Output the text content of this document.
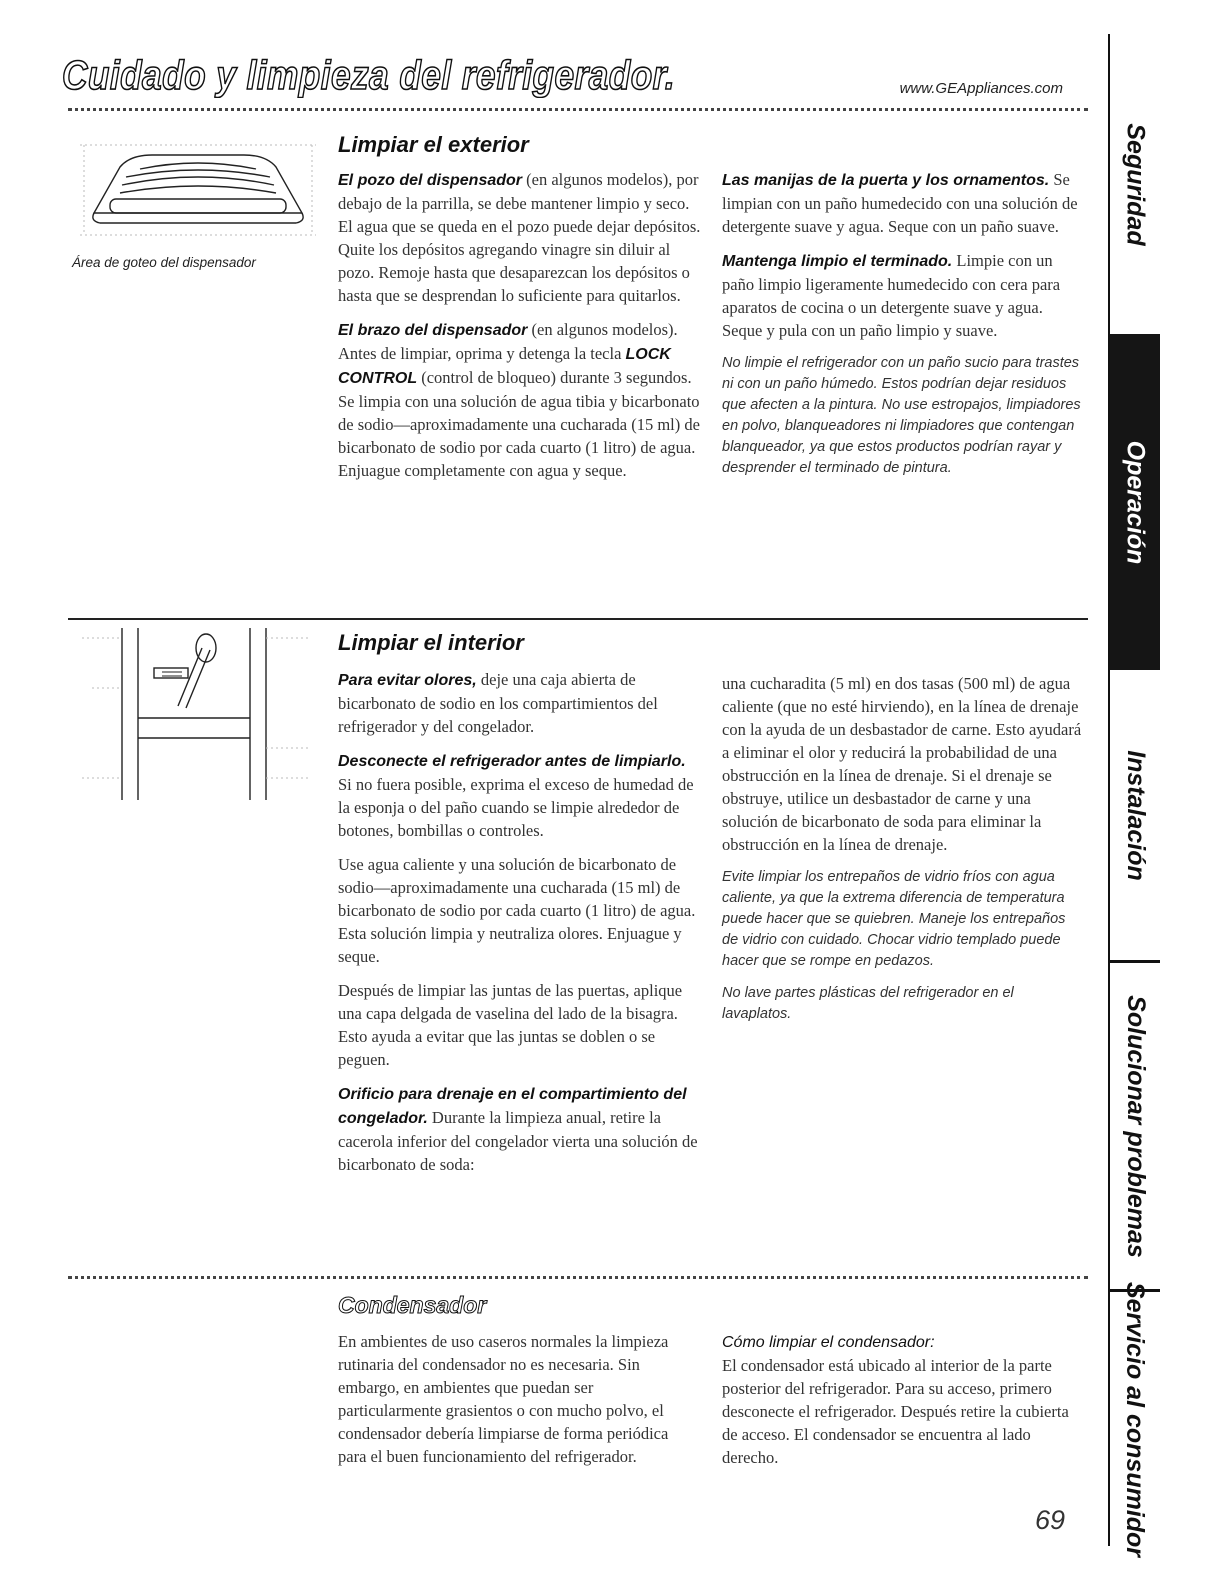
Cuidado y limpieza del refrigerador.	www.GEAppliances.com

Área de goteo del dispensador

Limpiar el exterior

El pozo del dispensador (en algunos modelos), por debajo de la parrilla, se debe mantener limpio y seco. El agua que se queda en el pozo puede dejar depósitos. Quite los depósitos agregando vinagre sin diluir al pozo. Remoje hasta que desaparezcan los depósitos o hasta que se desprendan lo suficiente para quitarlos.

El brazo del dispensador (en algunos modelos). Antes de limpiar, oprima y detenga la tecla LOCK CONTROL (control de bloqueo) durante 3 segundos. Se limpia con una solución de agua tibia y bicarbonato de sodio—aproximadamente una cucharada (15 ml) de bicarbonato de sodio por cada cuarto (1 litro) de agua. Enjuague completamente con agua y seque.

Las manijas de la puerta y los ornamentos. Se limpian con un paño humedecido con una solución de detergente suave y agua. Seque con un paño suave.

Mantenga limpio el terminado. Limpie con un paño limpio ligeramente humedecido con cera para aparatos de cocina o un detergente suave y agua. Seque y pula con un paño limpio y suave.

No limpie el refrigerador con un paño sucio para trastes ni con un paño húmedo. Estos podrían dejar residuos que afecten a la pintura. No use estropajos, limpiadores en polvo, blanqueadores ni limpiadores que contengan blanqueador, ya que estos productos podrían rayar y desprender el terminado de pintura.

Limpiar el interior

Para evitar olores, deje una caja abierta de bicarbonato de sodio en los compartimientos del refrigerador y del congelador.

Desconecte el refrigerador antes de limpiarlo. Si no fuera posible, exprima el exceso de humedad de la esponja o del paño cuando se limpie alrededor de botones, bombillas o controles.

Use agua caliente y una solución de bicarbonato de sodio—aproximadamente una cucharada (15 ml) de bicarbonato de sodio por cada cuarto (1 litro) de agua. Esta solución limpia y neutraliza olores. Enjuague y seque.

Después de limpiar las juntas de las puertas, aplique una capa delgada de vaselina del lado de la bisagra. Esto ayuda a evitar que las juntas se doblen o se peguen.

Orificio para drenaje en el compartimiento del congelador. Durante la limpieza anual, retire la cacerola inferior del congelador vierta una solución de bicarbonato de soda:

una cucharadita (5 ml) en dos tasas (500 ml) de agua caliente (que no esté hirviendo), en la línea de drenaje con la ayuda de un desbastador de carne. Esto ayudará a eliminar el olor y reducirá la probabilidad de una obstrucción en la línea de drenaje. Si el drenaje se obstruye, utilice un desbastador de carne y una solución de bicarbonato de soda para eliminar la obstrucción en la línea de drenaje.

Evite limpiar los entrepaños de vidrio fríos con agua caliente, ya que la extrema diferencia de temperatura puede hacer que se quiebren. Maneje los entrepaños de vidrio con cuidado. Chocar vidrio templado puede hacer que se rompe en pedazos.

No lave partes plásticas del refrigerador en el lavaplatos.

Condensador

En ambientes de uso caseros normales la limpieza rutinaria del condensador no es necesaria. Sin embargo, en ambientes que puedan ser particularmente grasientos o con mucho polvo, el condensador debería limpiarse de forma periódica para el buen funcionamiento del refrigerador.

Cómo limpiar el condensador:

El condensador está ubicado al interior de la parte posterior del refrigerador. Para su acceso, primero desconecte el refrigerador. Después retire la cubierta de acceso. El condensador se encuentra al lado derecho.

69
Seguridad
Operación
Instalación
Solucionar problemas
Servicio al consumidor
